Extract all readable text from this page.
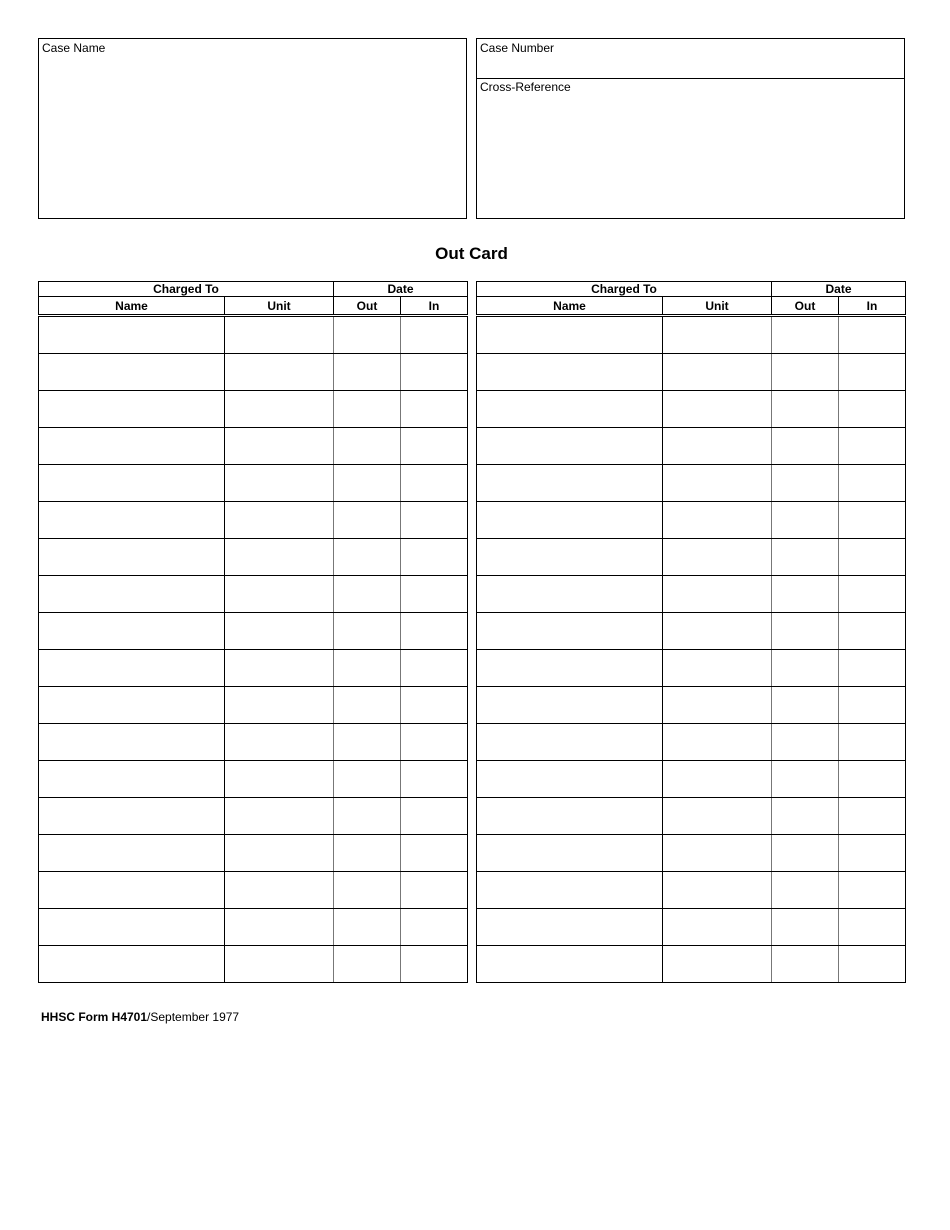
Case Name	Case Number
Cross-Reference
Out Card
Charged To		Date	
Name	Unit	Out	In

Charged To		Date	
Name	Unit	Out	In

HHSC Form H4701/September 1977
